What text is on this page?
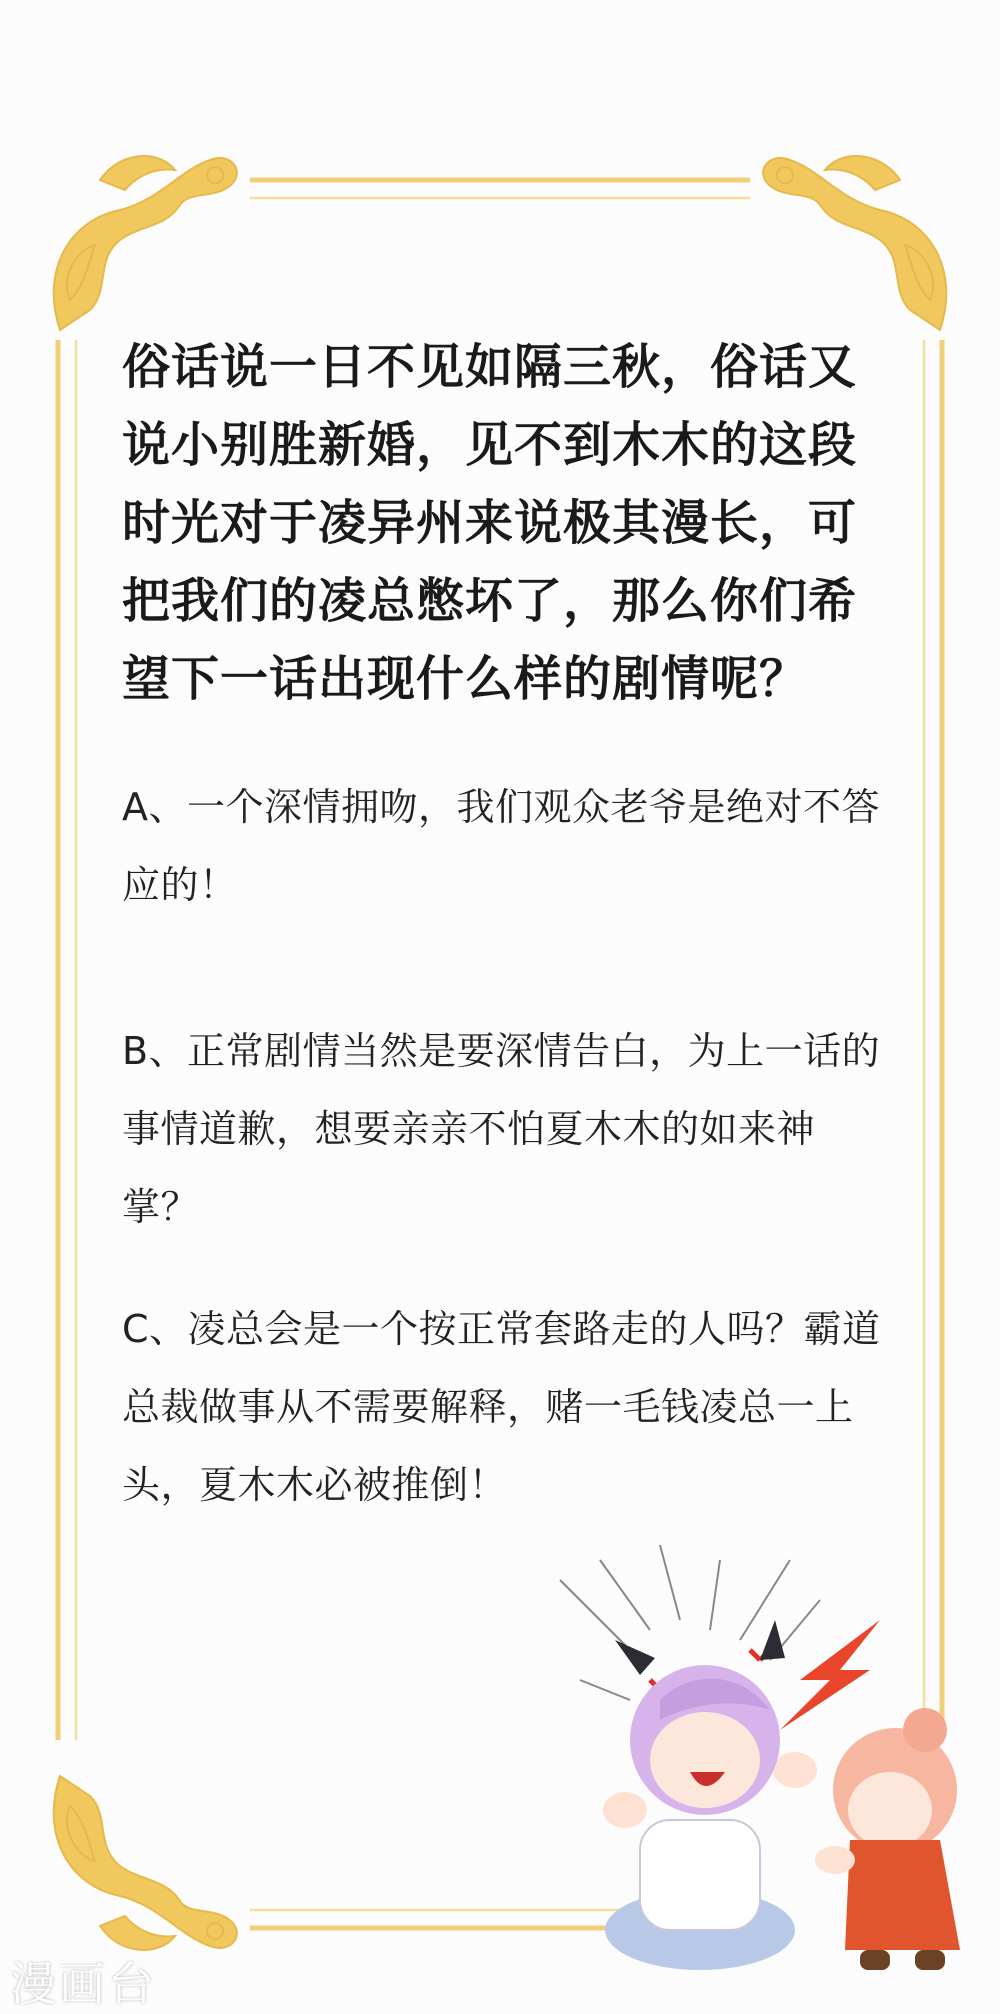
俗话说一日不见如隔三秋，俗话又说小别胜新婚，见不到木木的这段时光对于凌异州来说极其漫长，可把我们的凌总憋坏了，那么你们希望下一话出现什么样的剧情呢？

A、一个深情拥吻，我们观众老爷是绝对不答应的！

B、正常剧情当然是要深情告白，为上一话的事情道歉，想要亲亲不怕夏木木的如来神掌？

C、凌总会是一个按正常套路走的人吗？霸道总裁做事从不需要解释，赌一毛钱凌总一上头，夏木木必被推倒！

漫画台
